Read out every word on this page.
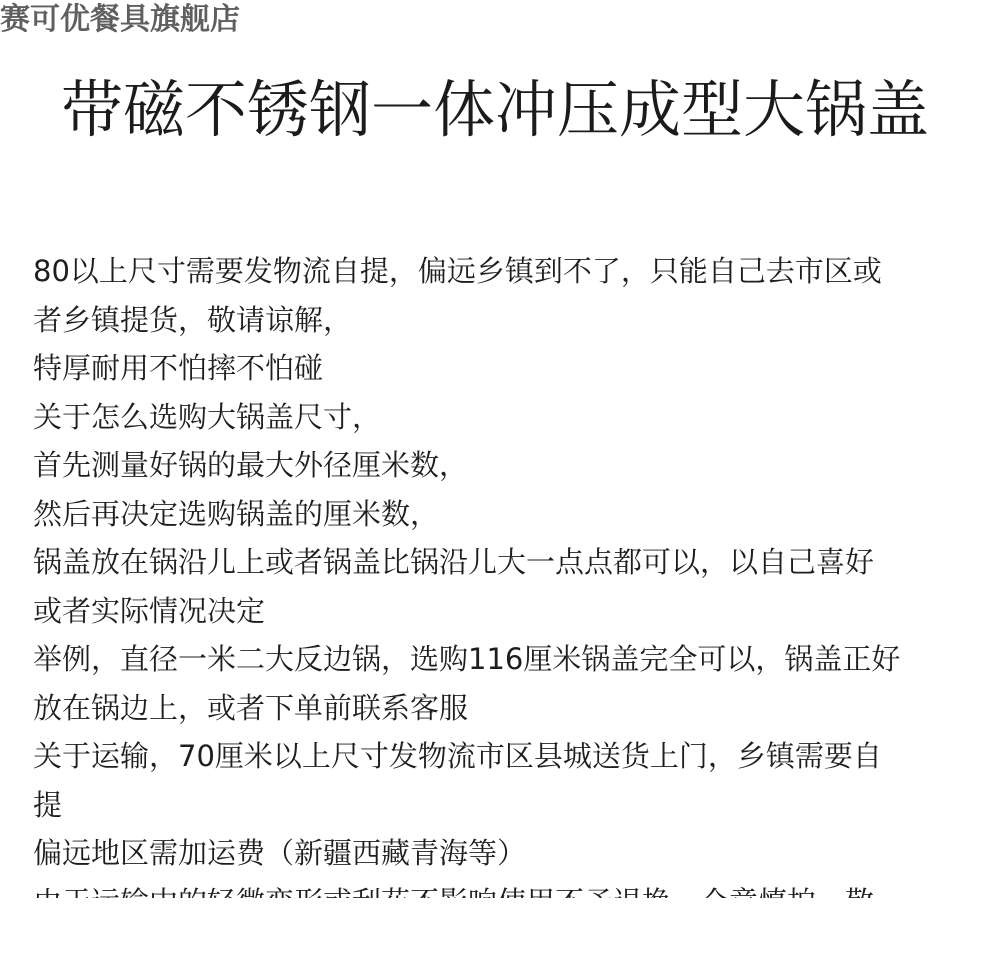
赛可优餐具旗舰店
带磁不锈钢一体冲压成型大锅盖

80以上尺寸需要发物流自提，偏远乡镇到不了，只能自己去市区或

者乡镇提货，敬请谅解，

特厚耐用不怕摔不怕碰

关于怎么选购大锅盖尺寸，

首先测量好锅的最大外径厘米数，

然后再决定选购锅盖的厘米数，

锅盖放在锅沿儿上或者锅盖比锅沿儿大一点点都可以，以自己喜好

或者实际情况决定

举例，直径一米二大反边锅，选购116厘米锅盖完全可以，锅盖正好

放在锅边上，或者下单前联系客服

关于运输，70厘米以上尺寸发物流市区县城送货上门，乡镇需要自

提

偏远地区需加运费（新疆西藏青海等）
